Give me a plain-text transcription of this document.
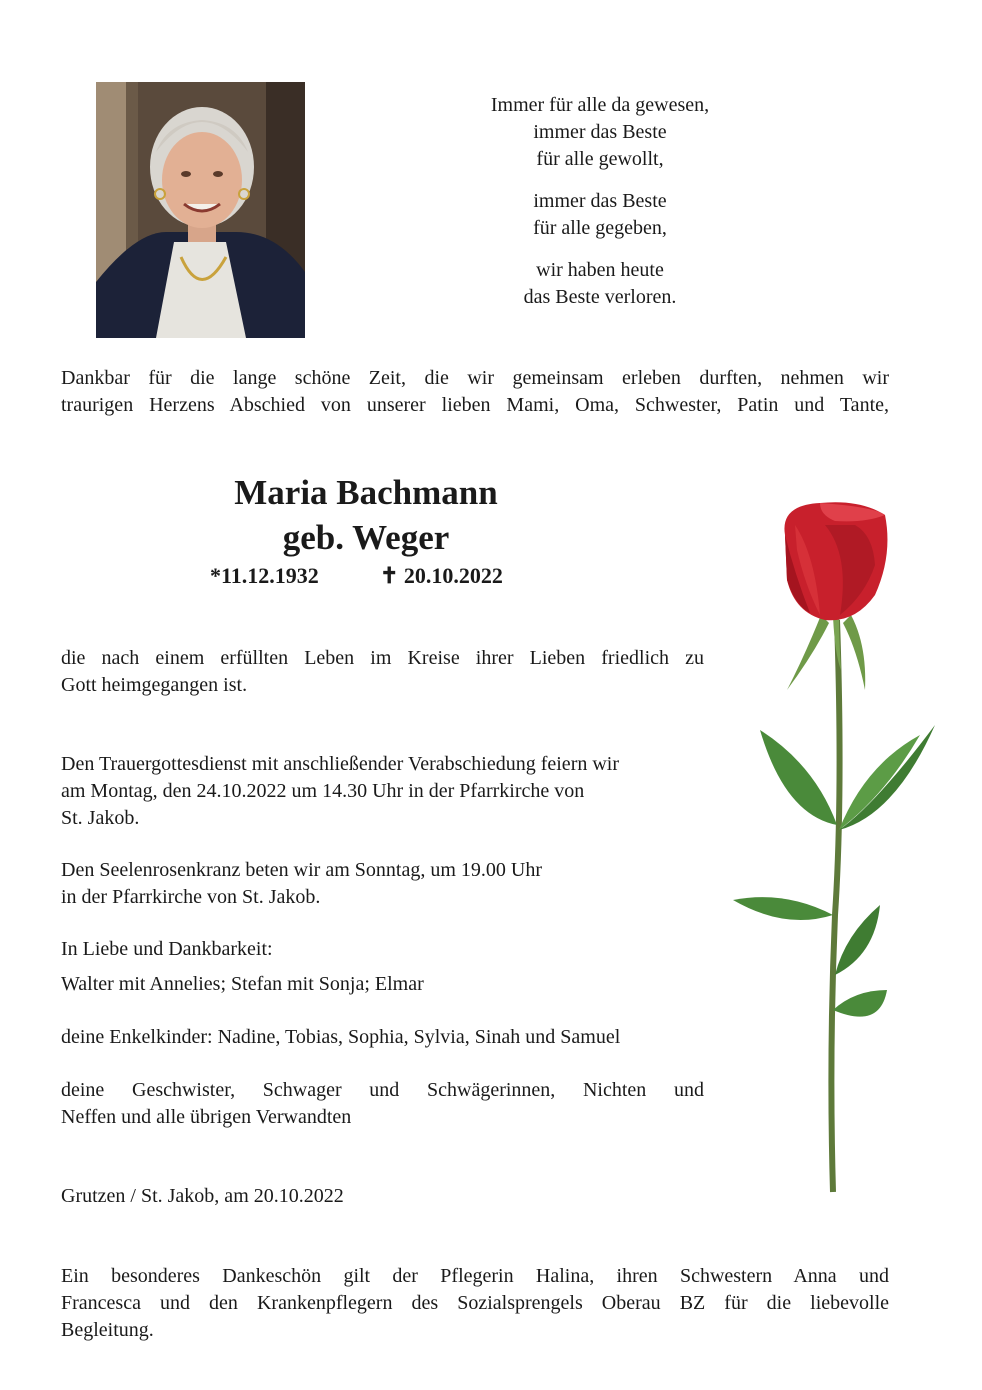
Immer für alle da gewesen,
immer das Beste
für alle gewollt,

immer das Beste
für alle gegeben,

wir haben heute
das Beste verloren.

Dankbar für die lange schöne Zeit, die wir gemeinsam erleben durften, nehmen wir
traurigen Herzens Abschied von unserer lieben Mami, Oma, Schwester, Patin und Tante,
Maria Bachmann
geb. Weger
*11.12.1932	✝ 20.10.2022
die nach einem erfüllten Leben im Kreise ihrer Lieben friedlich zu
Gott heimgegangen ist.
Den Trauergottesdienst mit anschließender Verabschiedung feiern wir
am Montag, den 24.10.2022 um 14.30 Uhr in der Pfarrkirche von
St. Jakob.
Den Seelenrosenkranz beten wir am Sonntag, um 19.00 Uhr
in der Pfarrkirche von St. Jakob.
In Liebe und Dankbarkeit:
Walter mit Annelies; Stefan mit Sonja; Elmar
deine Enkelkinder: Nadine, Tobias, Sophia, Sylvia, Sinah und Samuel
deine Geschwister, Schwager und Schwägerinnen, Nichten und
Neffen und alle übrigen Verwandten
Grutzen / St. Jakob, am 20.10.2022
Ein besonderes Dankeschön gilt der Pflegerin Halina, ihren Schwestern Anna und
Francesca und den Krankenpflegern des Sozialsprengels Oberau BZ für die liebevolle
Begleitung.
